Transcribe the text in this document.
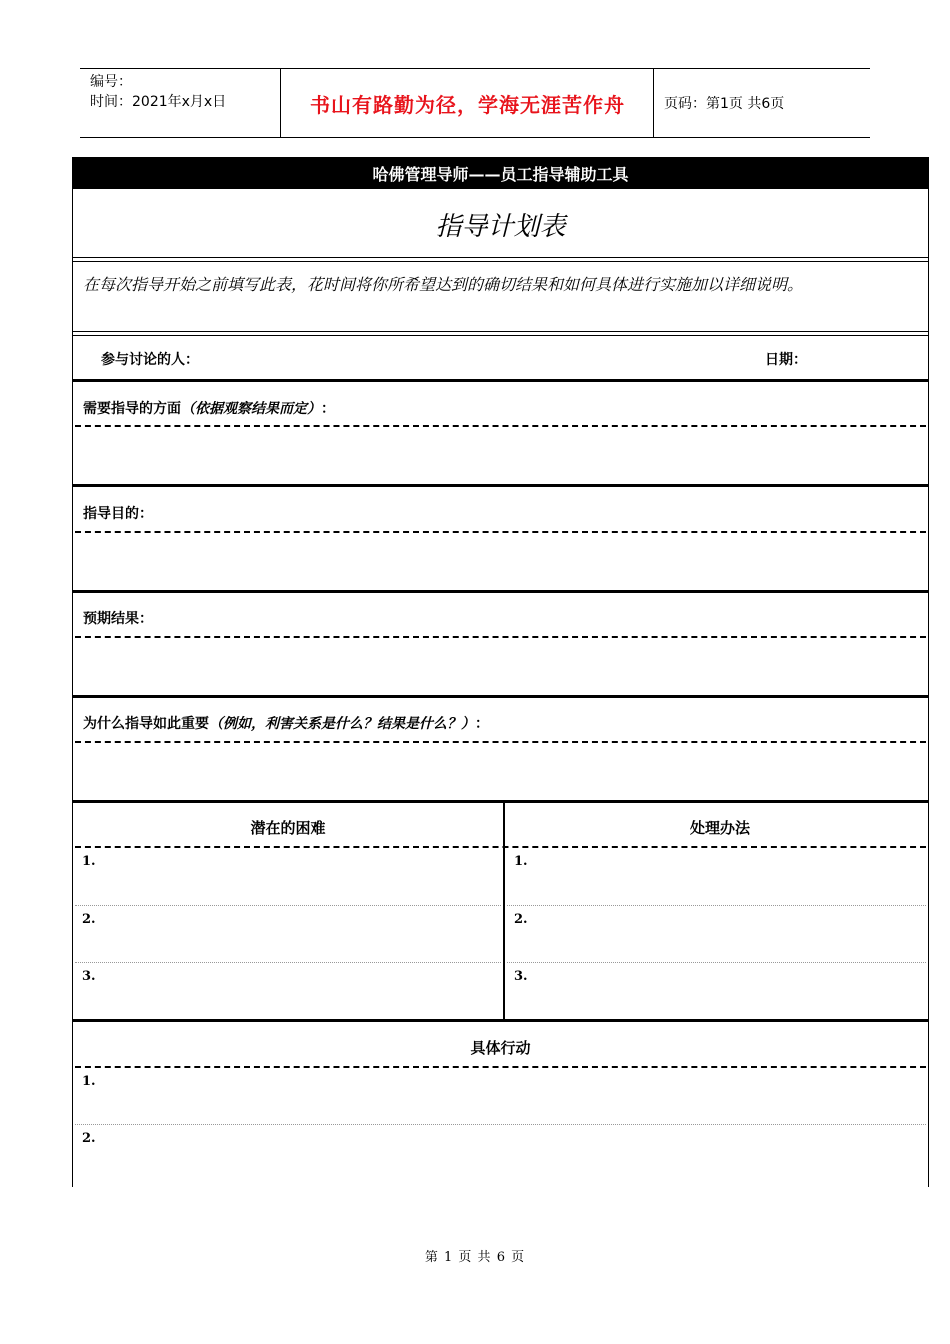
编号：
时间：2021年x月x日	书山有路勤为径，学海无涯苦作舟	页码：第1页 共6页
哈佛管理导师——员工指导辅助工具
指导计划表
在每次指导开始之前填写此表，花时间将你所希望达到的确切结果和如何具体进行实施加以详细说明。
参与讨论的人：	日期：
需要指导的方面（依据观察结果而定）：
指导目的：
预期结果：
为什么指导如此重要（例如，利害关系是什么？结果是什么？）：
潜在的困难	处理办法
1.	1.
2.	2.
3.	3.
具体行动
1.
2.
第 1 页 共 6 页
